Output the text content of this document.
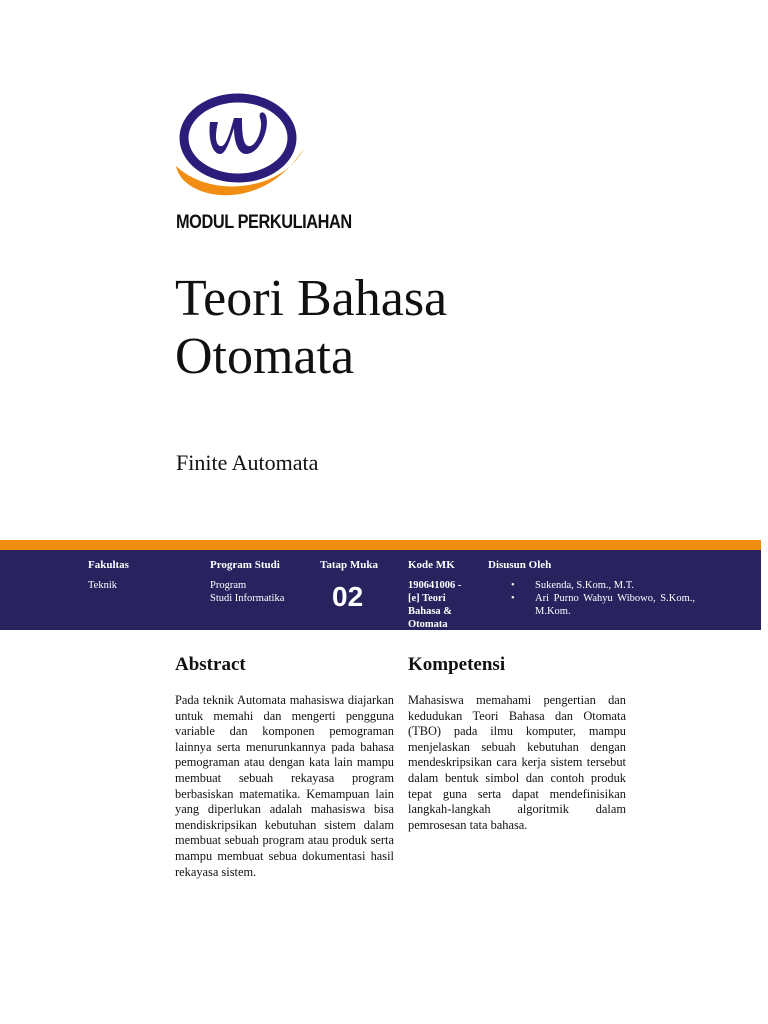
MODUL PERKULIAHAN
Teori Bahasa
Otomata
Finite Automata
Fakultas
Teknik
Program Studi
Program
Studi Informatika
Tatap Muka
02
Kode MK
190641006 -
[e] Teori
Bahasa &
Otomata
Disusun Oleh
• Sukenda, S.Kom., M.T.
• Ari Purno Wahyu Wibowo, S.Kom., M.Kom.
Abstract

Pada teknik Automata mahasiswa diajarkan untuk memahi dan mengerti pengguna variable dan komponen pemograman lainnya serta menurunkannya pada bahasa pemograman atau dengan kata lain mampu membuat sebuah rekayasa program berbasiskan matematika. Kemampuan lain yang diperlukan adalah mahasiswa bisa mendiskripsikan kebutuhan sistem dalam membuat sebuah program atau produk serta mampu membuat sebua dokumentasi hasil rekayasa sistem.

Kompetensi

Mahasiswa memahami pengertian dan kedudukan Teori Bahasa dan Otomata (TBO) pada ilmu komputer, mampu menjelaskan sebuah kebutuhan dengan mendeskripsikan cara kerja sistem tersebut dalam bentuk simbol dan contoh produk tepat guna serta dapat mendefinisikan langkah-langkah algoritmik dalam pemrosesan tata bahasa.
